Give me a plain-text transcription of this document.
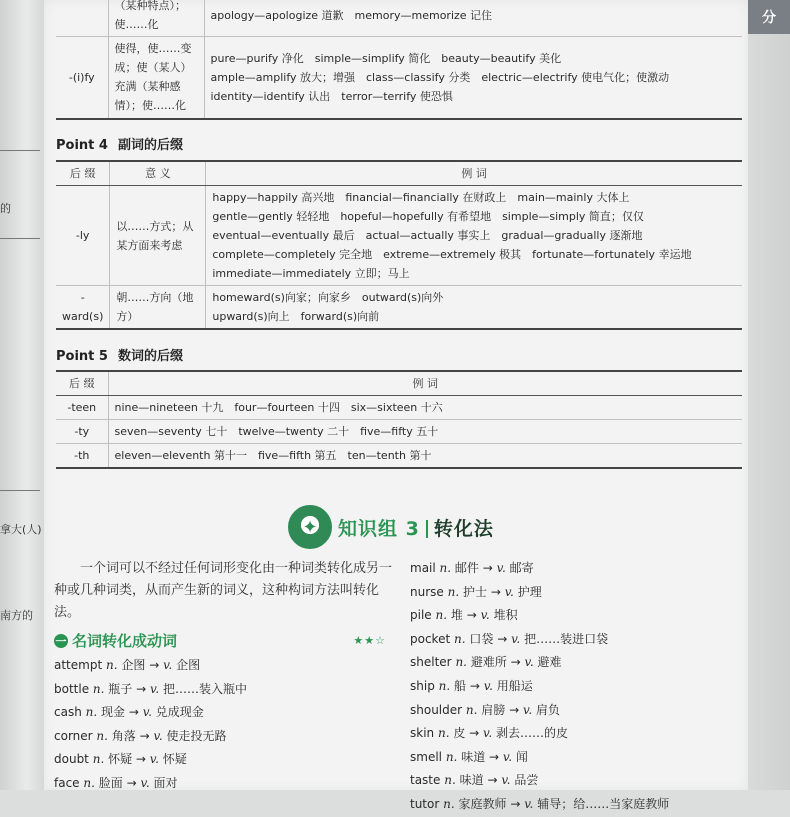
的
拿大(人)
南方的
分
	（某种特点）；使……化	apology—apologize 道歉　memory—memorize 记住

-(i)fy	使得，使……变成；使（某人）充满（某种感情）；使……化	pure—purify 净化　simple—simplify 简化　beauty—beautify 美化
ample—amplify 放大；增强　class—classify 分类　electric—electrify 使电气化；使激动
identity—identify 认出　terror—terrify 使恐惧
Point 4 副词的后缀
后 缀	意 义	例 词
-ly	以……方式；从某方面来考虑	happy—happily 高兴地　financial—financially 在财政上　main—mainly 大体上
gentle—gently 轻轻地　hopeful—hopefully 有希望地　simple—simply 简直；仅仅
eventual—eventually 最后　actual—actually 事实上　gradual—gradually 逐渐地
complete—completely 完全地　extreme—extremely 极其　fortunate—fortunately 幸运地
immediate—immediately 立即；马上

-ward(s)	朝……方向（地方）	homeward(s)向家；向家乡　outward(s)向外
upward(s)向上　forward(s)向前
Point 5 数词的后缀
后 缀	例 词
-teen	nine—nineteen 十九　four—fourteen 十四　six—sixteen 十六
-ty	seven—seventy 七十　twelve—twenty 二十　five—fifty 五十
-th	eleven—eleventh 第十一　five—fifth 第五　ten—tenth 第十
✦	知识组 3 转化法
一个词可以不经过任何词形变化由一种词类转化成另一种或几种词类，从而产生新的词义，这种构词方法叫转化法。
一 名词转化成动词	★★☆
attempt n. 企图 → v. 企图
bottle n. 瓶子 → v. 把……装入瓶中
cash n. 现金 → v. 兑成现金
corner n. 角落 → v. 使走投无路
doubt n. 怀疑 → v. 怀疑
face n. 脸面 → v. 面对
mail n. 邮件 → v. 邮寄
nurse n. 护士 → v. 护理
pile n. 堆 → v. 堆积
pocket n. 口袋 → v. 把……装进口袋
shelter n. 避难所 → v. 避难
ship n. 船 → v. 用船运
shoulder n. 肩膀 → v. 肩负
skin n. 皮 → v. 剥去……的皮
smell n. 味道 → v. 闻
taste n. 味道 → v. 品尝
tutor n. 家庭教师 → v. 辅导；给……当家庭教师
